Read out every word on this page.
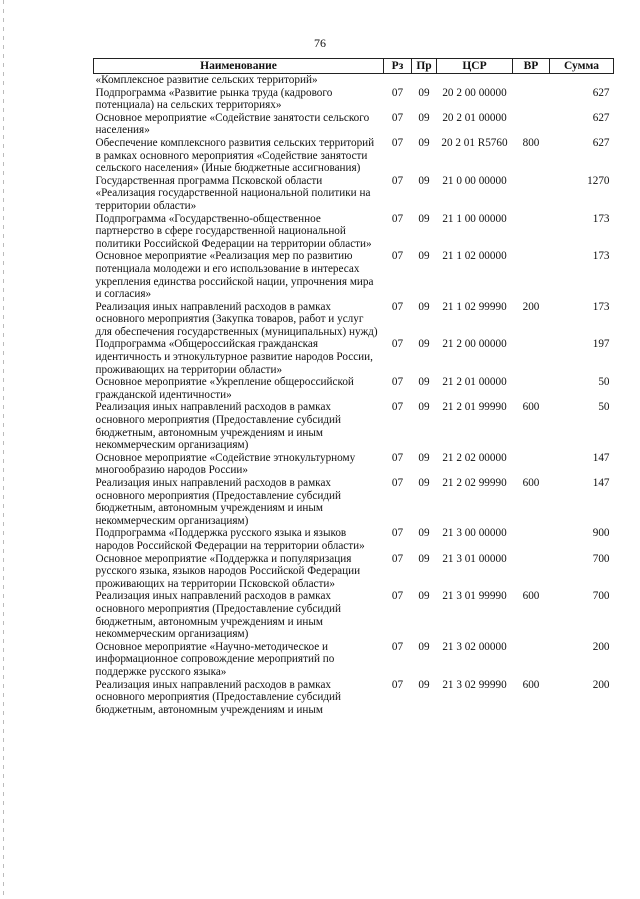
76
Наименование	Рз	Пр	ЦСР	ВР	Сумма
«Комплексное развитие сельских территорий»					
Подпрограмма «Развитие рынка труда (кадрового потенциала) на сельских территориях»	07	09	20 2 00 00000		627
Основное мероприятие «Содействие занятости сельского населения»	07	09	20 2 01 00000		627
Обеспечение комплексного развития сельских территорий в рамках основного мероприятия «Содействие занятости сельского населения» (Иные бюджетные ассигнования)	07	09	20 2 01 R5760	800	627
Государственная программа Псковской области «Реализация государственной национальной политики на территории области»	07	09	21 0 00 00000		1270
Подпрограмма «Государственно-общественное партнерство в сфере государственной национальной политики Российской Федерации на территории области»	07	09	21 1 00 00000		173
Основное мероприятие «Реализация мер по развитию потенциала молодежи и его использование в интересах укрепления единства российской нации, упрочнения мира и согласия»	07	09	21 1 02 00000		173
Реализация иных направлений расходов в рамках основного мероприятия (Закупка товаров, работ и услуг для обеспечения государственных (муниципальных) нужд)	07	09	21 1 02 99990	200	173
Подпрограмма «Общероссийская гражданская идентичность и этнокультурное развитие народов России, проживающих на территории области»	07	09	21 2 00 00000		197
Основное мероприятие «Укрепление общероссийской гражданской идентичности»	07	09	21 2 01 00000		50
Реализация иных направлений расходов в рамках основного мероприятия (Предоставление субсидий бюджетным, автономным учреждениям и иным некоммерческим организациям)	07	09	21 2 01 99990	600	50
Основное мероприятие «Содействие этнокультурному многообразию народов России»	07	09	21 2 02 00000		147
Реализация иных направлений расходов в рамках основного мероприятия (Предоставление субсидий бюджетным, автономным учреждениям и иным некоммерческим организациям)	07	09	21 2 02 99990	600	147
Подпрограмма «Поддержка русского языка и языков народов Российской Федерации на территории области»	07	09	21 3 00 00000		900
Основное мероприятие «Поддержка и популяризация русского языка, языков народов Российской Федерации проживающих на территории Псковской области»	07	09	21 3 01 00000		700
Реализация иных направлений расходов в рамках основного мероприятия (Предоставление субсидий бюджетным, автономным учреждениям и иным некоммерческим организациям)	07	09	21 3 01 99990	600	700
Основное мероприятие «Научно-методическое и информационное сопровождение мероприятий по поддержке русского языка»	07	09	21 3 02 00000		200
Реализация иных направлений расходов в рамках основного мероприятия (Предоставление субсидий бюджетным, автономным учреждениям и иным	07	09	21 3 02 99990	600	200
